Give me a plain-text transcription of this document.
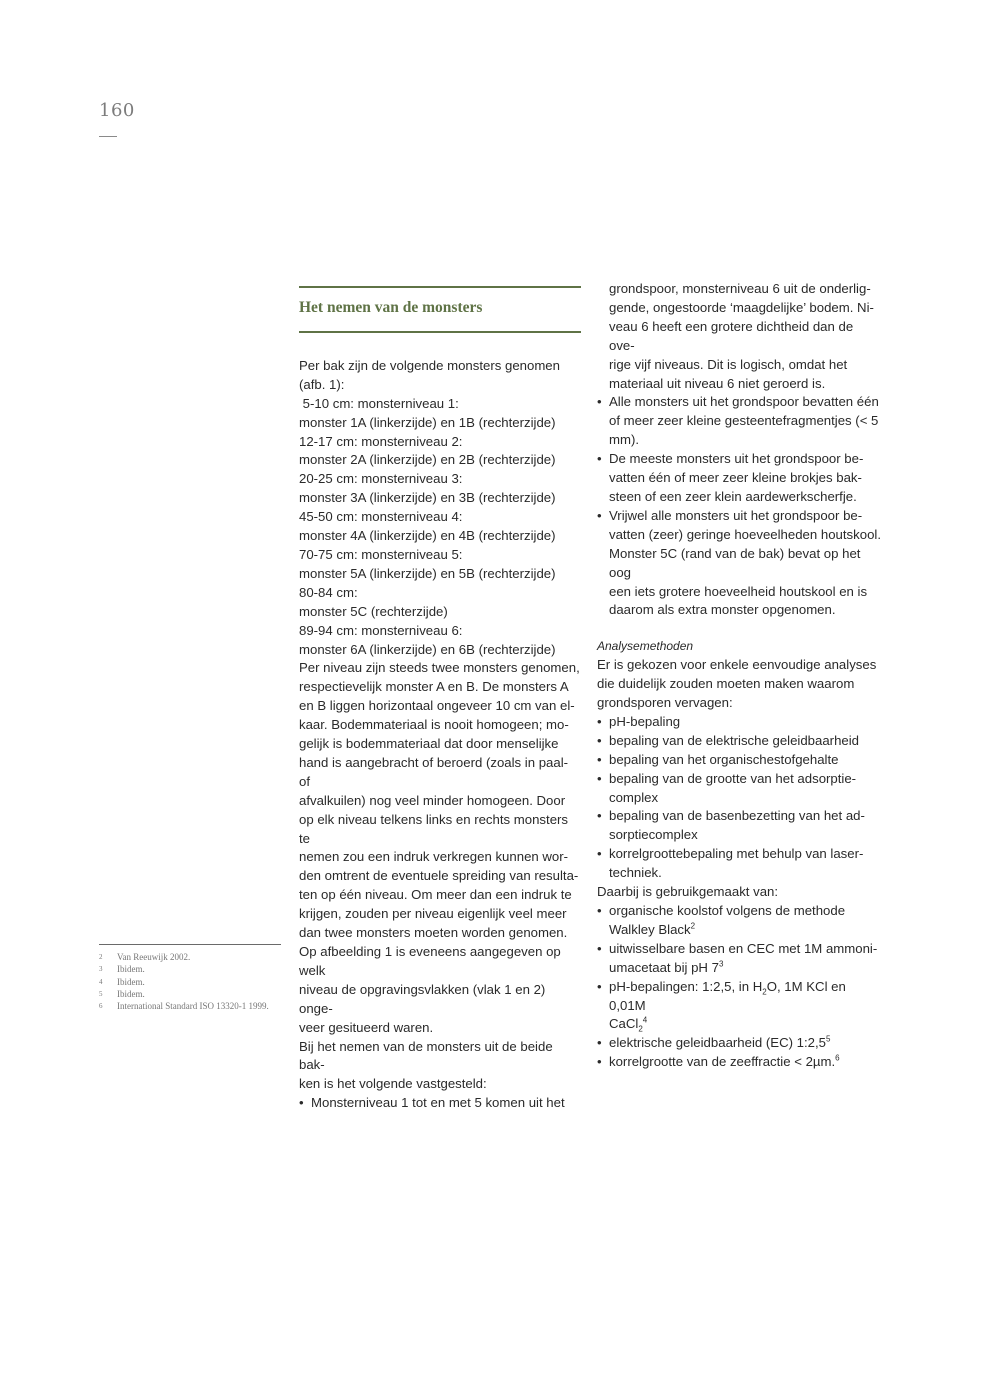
160
Het nemen van de monsters

Per bak zijn de volgende monsters genomen
(afb. 1):
5-10 cm: monsterniveau 1:
monster 1A (linkerzijde) en 1B (rechterzijde)
12-17 cm: monsterniveau 2:
monster 2A (linkerzijde) en 2B (rechterzijde)
20-25 cm: monsterniveau 3:
monster 3A (linkerzijde) en 3B (rechterzijde)
45-50 cm: monsterniveau 4:
monster 4A (linkerzijde) en 4B (rechterzijde)
70-75 cm: monsterniveau 5:
monster 5A (linkerzijde) en 5B (rechterzijde)
80-84 cm:
monster 5C (rechterzijde)
89-94 cm: monsterniveau 6:
monster 6A (linkerzijde) en 6B (rechterzijde)

Per niveau zijn steeds twee monsters genomen,
respectievelijk monster A en B. De monsters A
en B liggen horizontaal ongeveer 10 cm van el-
kaar. Bodemmateriaal is nooit homogeen; mo-
gelijk is bodemmateriaal dat door menselijke
hand is aangebracht of beroerd (zoals in paal- of
afvalkuilen) nog veel minder homogeen. Door
op elk niveau telkens links en rechts monsters te
nemen zou een indruk verkregen kunnen wor-
den omtrent de eventuele spreiding van resulta-
ten op één niveau. Om meer dan een indruk te
krijgen, zouden per niveau eigenlijk veel meer
dan twee monsters moeten worden genomen.
Op afbeelding 1 is eveneens aangegeven op welk
niveau de opgravingsvlakken (vlak 1 en 2) onge-
veer gesitueerd waren.
Bij het nemen van de monsters uit de beide bak-
ken is het volgende vastgesteld:

• Monsterniveau 1 tot en met 5 komen uit het
grondspoor, monsterniveau 6 uit de onderlig-
gende, ongestoorde ‘maagdelijke’ bodem. Ni-
veau 6 heeft een grotere dichtheid dan de ove-
rige vijf niveaus. Dit is logisch, omdat het
materiaal uit niveau 6 niet geroerd is.
• Alle monsters uit het grondspoor bevatten één
of meer zeer kleine gesteentefragmentjes (< 5
mm).
• De meeste monsters uit het grondspoor be-
vatten één of meer zeer kleine brokjes bak-
steen of een zeer klein aardewerkscherfje.
• Vrijwel alle monsters uit het grondspoor be-
vatten (zeer) geringe hoeveelheden houtskool.
Monster 5C (rand van de bak) bevat op het oog
een iets grotere hoeveelheid houtskool en is
daarom als extra monster opgenomen.
Analysemethoden

Er is gekozen voor enkele eenvoudige analyses
die duidelijk zouden moeten maken waarom
grondsporen vervagen:

• pH-bepaling
• bepaling van de elektrische geleidbaarheid
• bepaling van het organischestofgehalte
• bepaling van de grootte van het adsorptie-
complex
• bepaling van de basenbezetting van het ad-
sorptiecomplex
• korrelgroottebepaling met behulp van laser-
techniek.

Daarbij is gebruikgemaakt van:

• organische koolstof volgens de methode
Walkley Black$^2$
• uitwisselbare basen en CEC met 1M ammoni-
umacetaat bij pH $7^3$
• pH-bepalingen: 1:2,5, in $H_2O$, 1M KCl en 0,01M
CaCl$_2^4$
• elektrische geleidbaarheid (EC) $1:2,5^5$
• korrelgrootte van de zeeffractie < 2µm.$^6$
2	Van Reeuwijk 2002.
3	Ibidem.
4	Ibidem.
5	Ibidem.
6	International Standard ISO 13320-1 1999.
